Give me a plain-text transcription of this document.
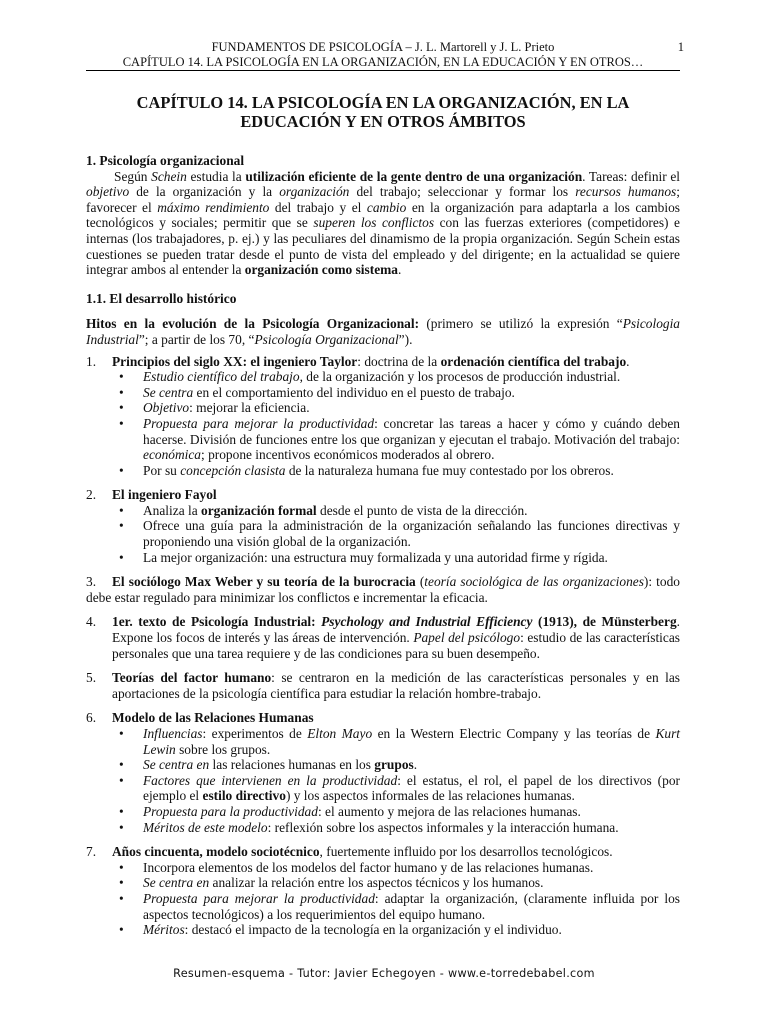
FUNDAMENTOS DE PSICOLOGÍA – J. L. Martorell y J. L. Prieto
CAPÍTULO 14. LA PSICOLOGÍA EN LA ORGANIZACIÓN, EN LA EDUCACIÓN Y EN OTROS…
1
CAPÍTULO 14. LA PSICOLOGÍA EN LA ORGANIZACIÓN, EN LA
EDUCACIÓN Y EN OTROS ÁMBITOS
1. Psicología organizacional

Según Schein estudia la utilización eficiente de la gente dentro de una organización. Tareas: definir el objetivo de la organización y la organización del trabajo; seleccionar y formar los recursos humanos; favorecer el máximo rendimiento del trabajo y el cambio en la organización para adaptarla a los cambios tecnológicos y sociales; permitir que se superen los conflictos con las fuerzas exteriores (competidores) e internas (los trabajadores, p. ej.) y las peculiares del dinamismo de la propia organización. Según Schein estas cuestiones se pueden tratar desde el punto de vista del empleado y del dirigente; en la actualidad se quiere integrar ambos al entender la organización como sistema.

1.1. El desarrollo histórico

Hitos en la evolución de la Psicología Organizacional: (primero se utilizó la expresión “Psicologia Industrial”; a partir de los 70, “Psicología Organizacional”).

1. Principios del siglo XX: el ingeniero Taylor: doctrina de la ordenación científica del trabajo.
• Estudio científico del trabajo, de la organización y los procesos de producción industrial.
• Se centra en el comportamiento del individuo en el puesto de trabajo.
• Objetivo: mejorar la eficiencia.
• Propuesta para mejorar la productividad: concretar las tareas a hacer y cómo y cuándo deben hacerse. División de funciones entre los que organizan y ejecutan el trabajo. Motivación del trabajo: económica; propone incentivos económicos moderados al obrero.
• Por su concepción clasista de la naturaleza humana fue muy contestado por los obreros.
2. El ingeniero Fayol
• Analiza la organización formal desde el punto de vista de la dirección.
• Ofrece una guía para la administración de la organización señalando las funciones directivas y proponiendo una visión global de la organización.
• La mejor organización: una estructura muy formalizada y una autoridad firme y rígida.
3.	El sociólogo Max Weber y su teoría de la burocracia (teoría sociológica de las organizaciones): todo debe estar regulado para minimizar los conflictos e incrementar la eficacia.
4. 1er. texto de Psicología Industrial: Psychology and Industrial Efficiency (1913), de Münsterberg. Expone los focos de interés y las áreas de intervención. Papel del psicólogo: estudio de las características personales que una tarea requiere y de las condiciones para su buen desempeño.
5. Teorías del factor humano: se centraron en la medición de las características personales y en las aportaciones de la psicología científica para estudiar la relación hombre-trabajo.
6. Modelo de las Relaciones Humanas
• Influencias: experimentos de Elton Mayo en la Western Electric Company y las teorías de Kurt Lewin sobre los grupos.
• Se centra en las relaciones humanas en los grupos.
• Factores que intervienen en la productividad: el estatus, el rol, el papel de los directivos (por ejemplo el estilo directivo) y los aspectos informales de las relaciones humanas.
• Propuesta para la productividad: el aumento y mejora de las relaciones humanas.
• Méritos de este modelo: reflexión sobre los aspectos informales y la interacción humana.
7. Años cincuenta, modelo sociotécnico, fuertemente influido por los desarrollos tecnológicos.
• Incorpora elementos de los modelos del factor humano y de las relaciones humanas.
• Se centra en analizar la relación entre los aspectos técnicos y los humanos.
• Propuesta para mejorar la productividad: adaptar la organización, (claramente influida por los aspectos tecnológicos) a los requerimientos del equipo humano.
• Méritos: destacó el impacto de la tecnología en la organización y el individuo.
Resumen-esquema - Tutor: Javier Echegoyen - www.e-torredebabel.com
